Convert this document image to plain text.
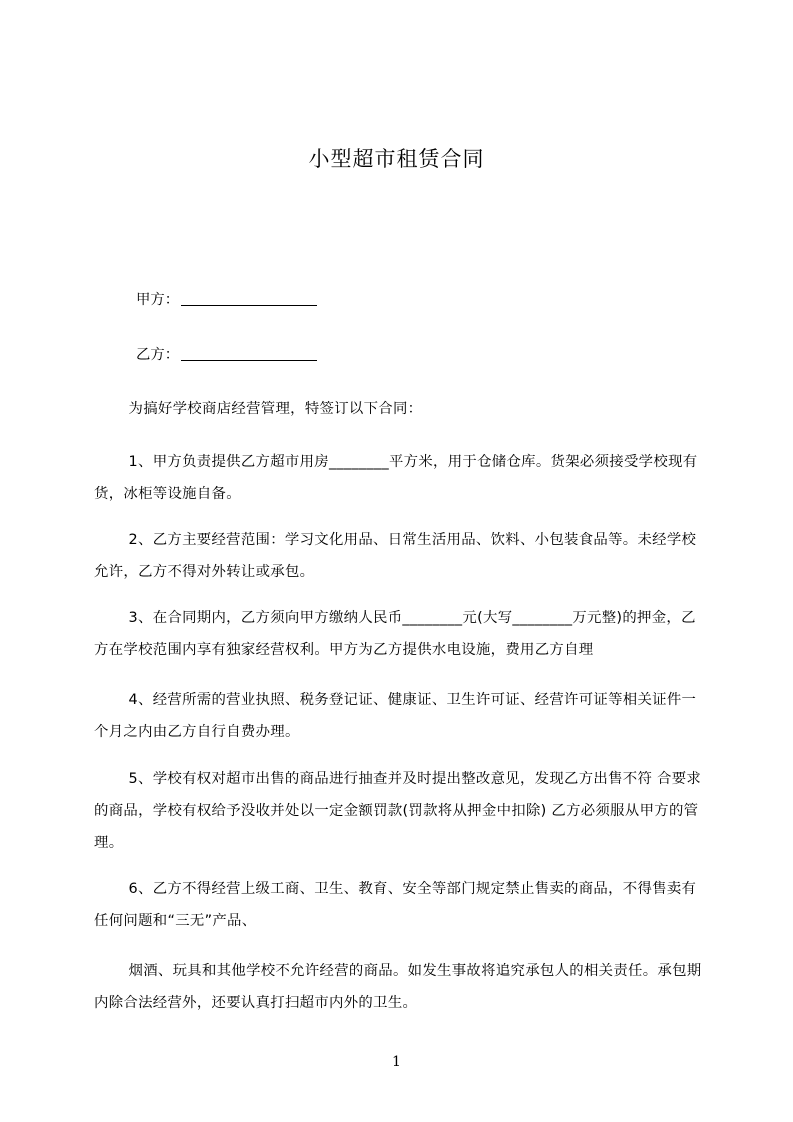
小型超市租赁合同
甲方：
乙方：

为搞好学校商店经营管理，特签订以下合同：

1、甲方负责提供乙方超市用房________平方米，用于仓储仓库。货架必须接受学校现有货，冰柜等设施自备。

2、乙方主要经营范围：学习文化用品、日常生活用品、饮料、小包装食品等。未经学校允许，乙方不得对外转让或承包。

3、在合同期内，乙方须向甲方缴纳人民币________元(大写________万元整)的押金，乙方在学校范围内享有独家经营权利。甲方为乙方提供水电设施，费用乙方自理

4、经营所需的营业执照、税务登记证、健康证、卫生许可证、经营许可证等相关证件一个月之内由乙方自行自费办理。

5、学校有权对超市出售的商品进行抽查并及时提出整改意见，发现乙方出售不符 合要求的商品，学校有权给予没收并处以一定金额罚款(罚款将从押金中扣除) 乙方必须服从甲方的管理。

6、乙方不得经营上级工商、卫生、教育、安全等部门规定禁止售卖的商品，不得售卖有任何问题和“三无”产品、

烟酒、玩具和其他学校不允许经营的商品。如发生事故将追究承包人的相关责任。承包期内除合法经营外，还要认真打扫超市内外的卫生。

1
